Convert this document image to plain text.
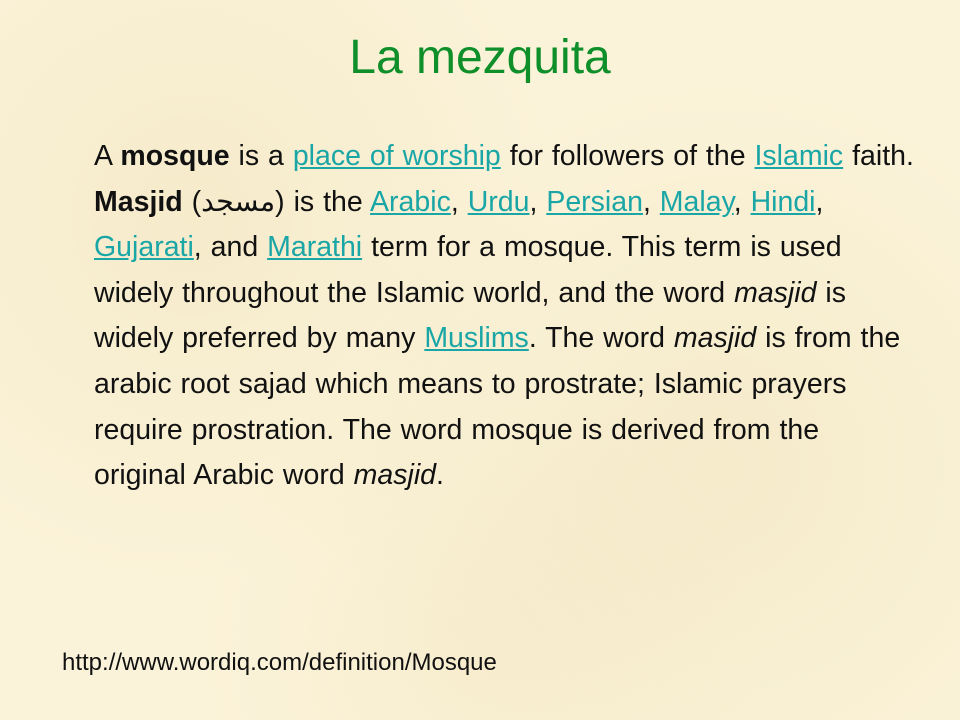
La mezquita

A mosque is a place of worship for followers of the Islamic faith. Masjid (مسجد) is the Arabic, Urdu, Persian, Malay, Hindi, Gujarati, and Marathi term for a mosque. This term is used widely throughout the Islamic world, and the word masjid is widely preferred by many Muslims. The word masjid is from the arabic root sajad which means to prostrate; Islamic prayers require prostration. The word mosque is derived from the original Arabic word masjid.

http://www.wordiq.com/definition/Mosque
